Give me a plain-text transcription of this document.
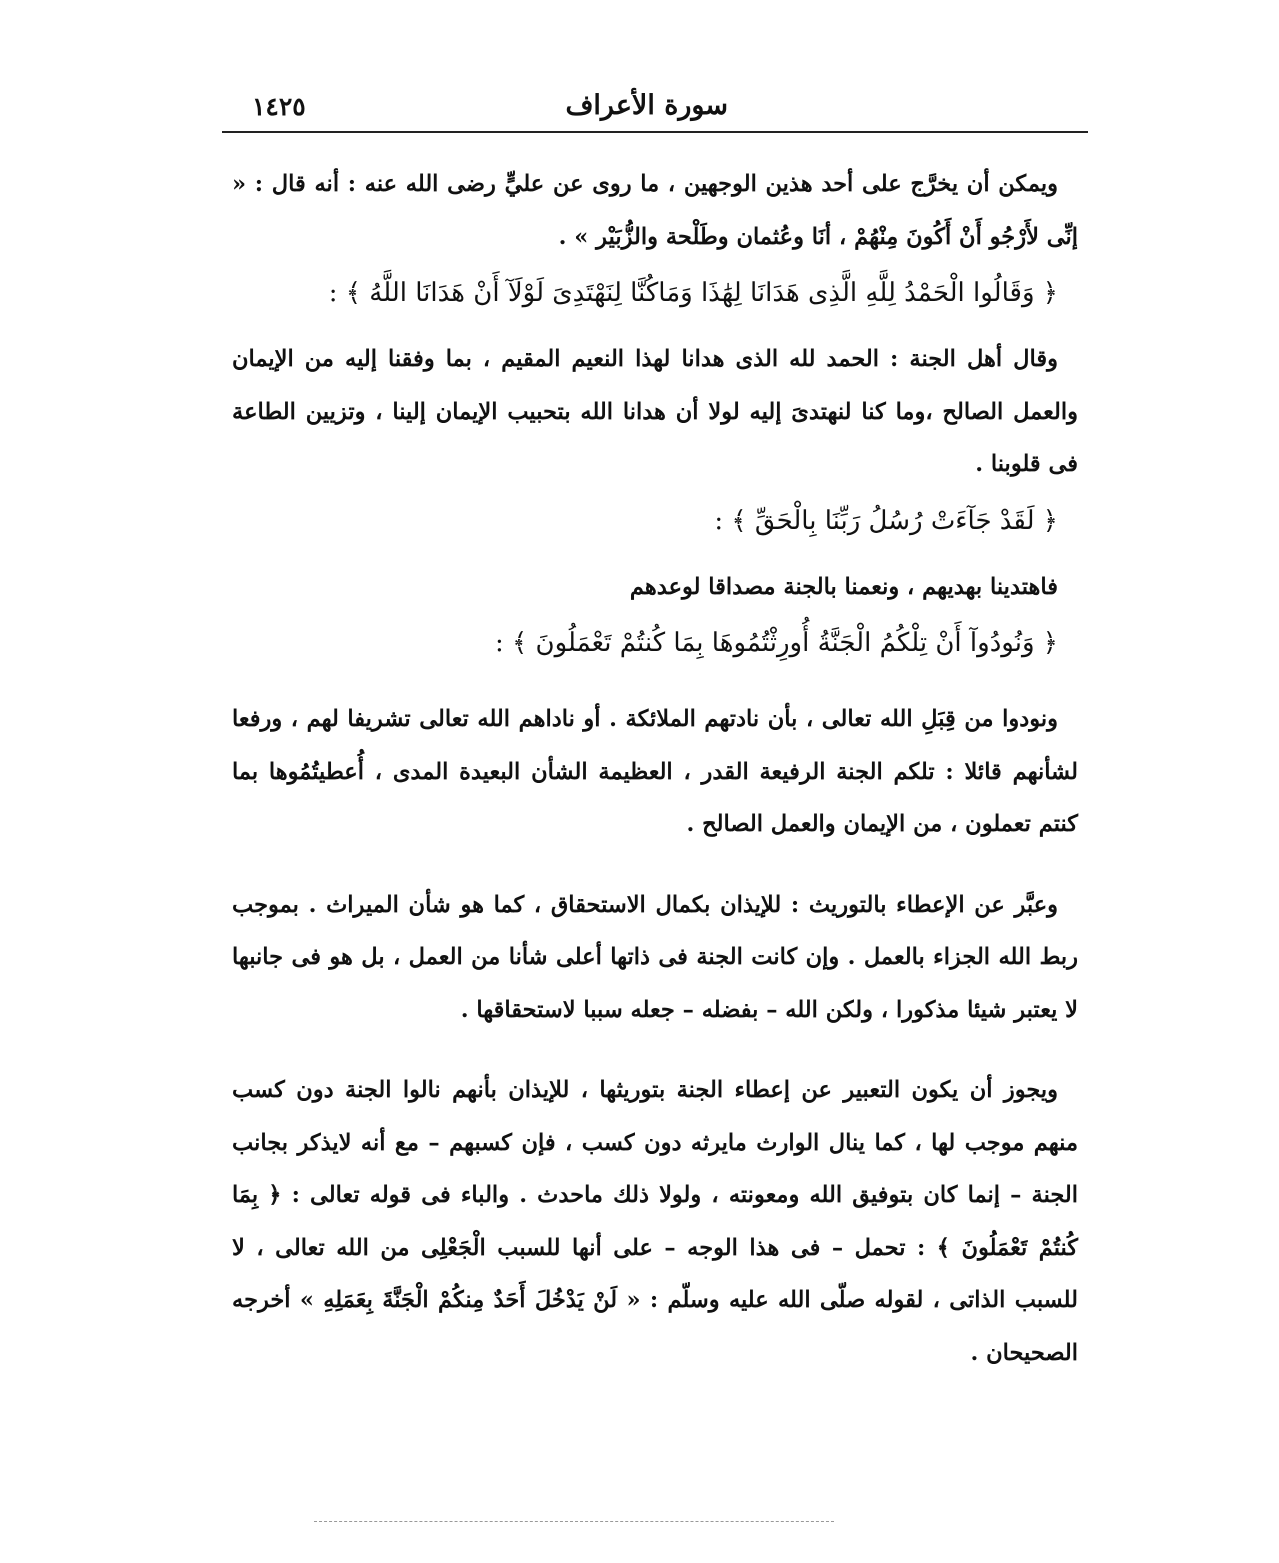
سورة الأعراف
١٤٢٥

ويمكن أن يخرَّج على أحد هذين الوجهين ، ما روى عن عليٍّ رضى الله عنه : أنه قال : « إنِّى لأَرْجُو أَنْ أَكُونَ مِنْهُمْ ، أنَا وعُثمان وطَلْحة والزُّبَيْر » .

﴿ وَقَالُوا الْحَمْدُ لِلَّهِ الَّذِى هَدَانَا لِهَٰذَا وَمَاكُنَّا لِنَهْتَدِىَ لَوْلَآ أَنْ هَدَانَا اللَّهُ ﴾ :

وقال أهل الجنة : الحمد لله الذى هدانا لهذا النعيم المقيم ، بما وفقنا إليه من الإيمان والعمل الصالح ،وما كنا لنهتدىَ إليه لولا أن هدانا الله بتحبيب الإيمان إلينا ، وتزيين الطاعة فى قلوبنا .

﴿ لَقَدْ جَآءَتْ رُسُلُ رَبِّنَا بِالْحَقِّ ﴾ :

فاهتدينا بهديهم ، ونعمنا بالجنة مصداقا لوعدهم

﴿ وَنُودُوآ أَنْ تِلْكُمُ الْجَنَّةُ أُورِثْتُمُوهَا بِمَا كُنتُمْ تَعْمَلُونَ ﴾ :

ونودوا من قِبَلِ الله تعالى ، بأن نادتهم الملائكة . أو ناداهم الله تعالى تشريفا لهم ، ورفعا لشأنهم قائلا : تلكم الجنة الرفيعة القدر ، العظيمة الشأن البعيدة المدى ، أُعطيتُمُوها بما كنتم تعملون ، من الإيمان والعمل الصالح .

وعبَّر عن الإعطاء بالتوريث : للإيذان بكمال الاستحقاق ، كما هو شأن الميراث . بموجب ربط الله الجزاء بالعمل . وإن كانت الجنة فى ذاتها أعلى شأنا من العمل ، بل هو فى جانبها لا يعتبر شيئا مذكورا ، ولكن الله – بفضله – جعله سببا لاستحقاقها .

ويجوز أن يكون التعبير عن إعطاء الجنة بتوريثها ، للإيذان بأنهم نالوا الجنة دون كسب منهم موجب لها ، كما ينال الوارث مايرثه دون كسب ، فإن كسبهم – مع أنه لايذكر بجانب الجنة – إنما كان بتوفيق الله ومعونته ، ولولا ذلك ماحدث . والباء فى قوله تعالى : ﴿ بِمَا كُنتُمْ تَعْمَلُونَ ﴾ : تحمل – فى هذا الوجه – على أنها للسبب الْجَعْلِى من الله تعالى ، لا للسبب الذاتى ، لقوله صلّى الله عليه وسلّم : « لَنْ يَدْخُلَ أَحَدٌ مِنكُمْ الْجَنَّةَ بِعَمَلِهِ » أخرجه الصحيحان .
